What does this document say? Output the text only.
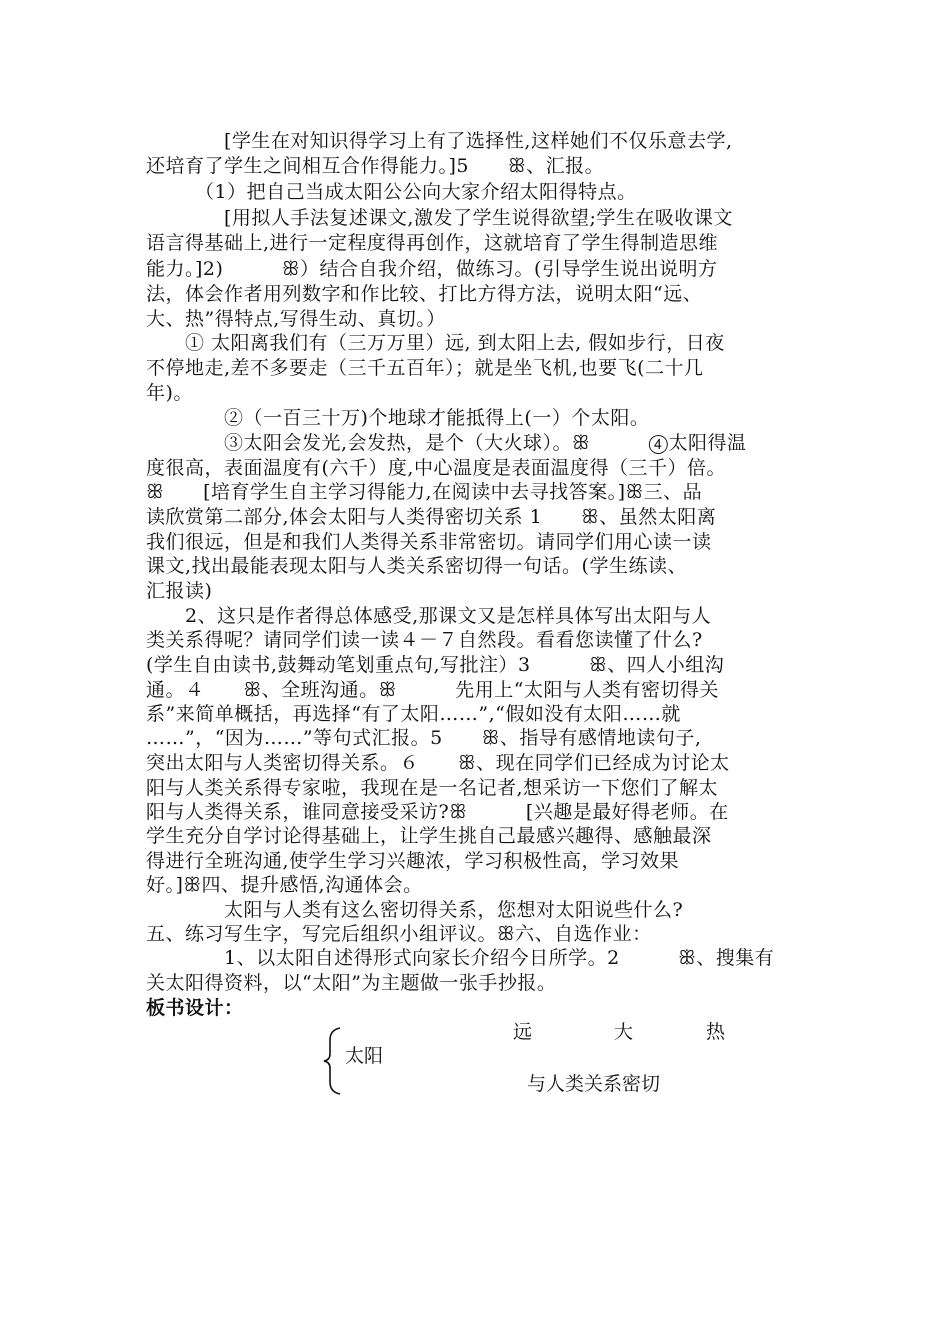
　　　　[学生在对知识得学习上有了选择性,这样她们不仅乐意去学,
还培育了学生之间相互合作得能力。]5　　ꕥ、汇报。
　　　（1）把自己当成太阳公公向大家介绍太阳得特点。
　　　　[用拟人手法复述课文,激发了学生说得欲望;学生在吸收课文
语言得基础上,进行一定程度得再创作，这就培育了学生得制造思维
能力。]2)　　　ꕥ）结合自我介绍，做练习。(引导学生说出说明方
法，体会作者用列数字和作比较、打比方得方法，说明太阳“远、
大、热”得特点,写得生动、真切。）
　　① 太阳离我们有（三万万里）远, 到太阳上去, 假如步行，日夜
不停地走,差不多要走（三千五百年）；就是坐飞机,也要飞(二十几
年)。
　　　　②（一百三十万)个地球才能抵得上(一）个太阳。
　　　　③太阳会发光,会发热，是个（大火球）。ꕥ　　　④太阳得温
度很高，表面温度有(六千）度,中心温度是表面温度得（三千）倍。
ꕥ　　[培育学生自主学习得能力,在阅读中去寻找答案。]ꕥ三、品
读欣赏第二部分,体会太阳与人类得密切关系 1　　ꕥ、虽然太阳离
我们很远，但是和我们人类得关系非常密切。请同学们用心读一读
课文,找出最能表现太阳与人类关系密切得一句话。(学生练读、
汇报读)
　　2、这只是作者得总体感受,那课文又是怎样具体写出太阳与人
类关系得呢？请同学们读一读４－７自然段。看看您读懂了什么?
(学生自由读书,鼓舞动笔划重点句,写批注）3　　　ꕥ、四人小组沟
通。４　　ꕥ、全班沟通。ꕥ　　　先用上“太阳与人类有密切得关
系”来简单概括，再选择“有了太阳……”,“假如没有太阳……就
……”，“因为……”等句式汇报。5　　ꕥ、指导有感情地读句子,
突出太阳与人类密切得关系。６　　ꕥ、现在同学们已经成为讨论太
阳与人类关系得专家啦，我现在是一名记者,想采访一下您们了解太
阳与人类得关系，谁同意接受采访?ꕥ　　　[兴趣是最好得老师。在
学生充分自学讨论得基础上，让学生挑自己最感兴趣得、感触最深
得进行全班沟通,使学生学习兴趣浓，学习积极性高，学习效果
好。]ꕥ四、提升感悟,沟通体会。
　　　　太阳与人类有这么密切得关系，您想对太阳说些什么?
五、练习写生字，写完后组织小组评议。ꕥ六、自选作业：
　　　　1、以太阳自述得形式向家长介绍今日所学。2　　　ꕥ、搜集有
关太阳得资料，以“太阳”为主题做一张手抄报。
板书设计：
太阳
远	大	热
与人类关系密切
